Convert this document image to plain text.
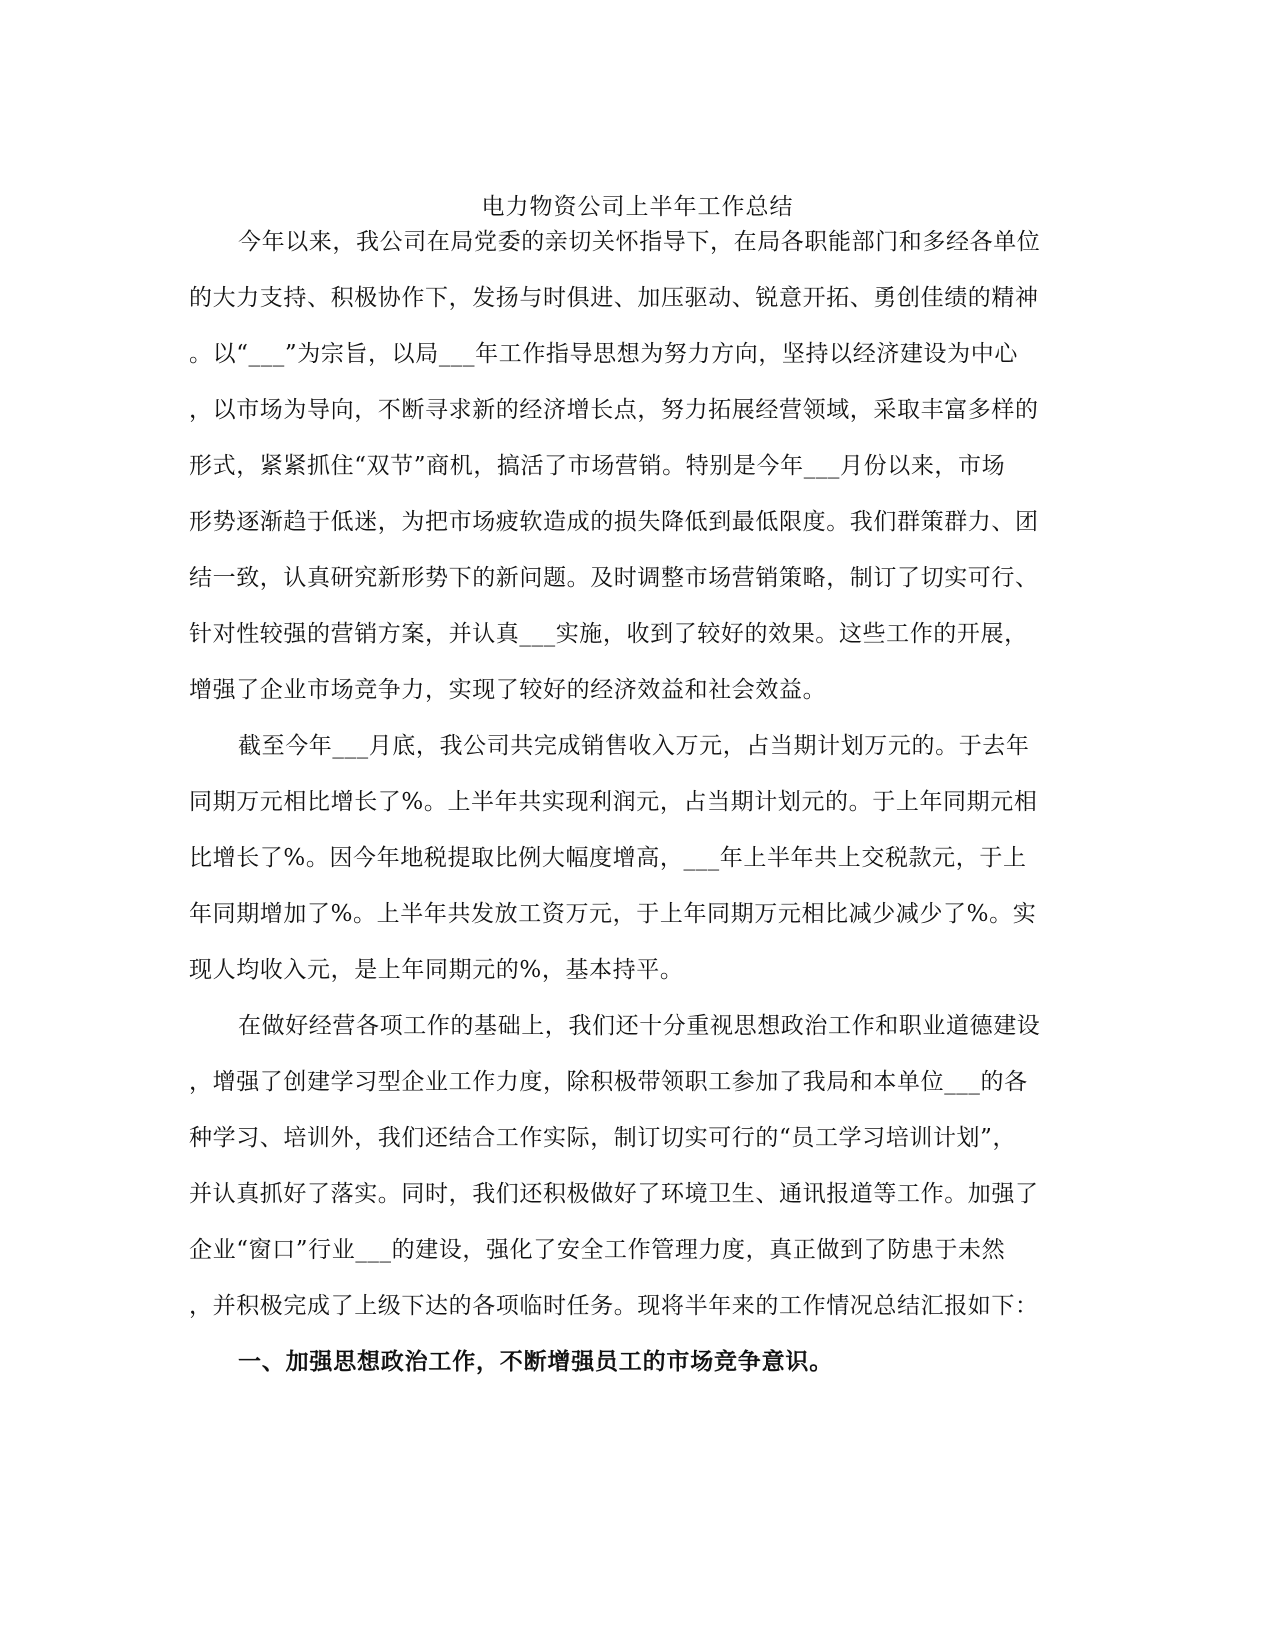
电力物资公司上半年工作总结
今年以来，我公司在局党委的亲切关怀指导下，在局各职能部门和多经各单位
的大力支持、积极协作下，发扬与时俱进、加压驱动、锐意开拓、勇创佳绩的精神
。以“___”为宗旨，以局___年工作指导思想为努力方向，坚持以经济建设为中心
，以市场为导向，不断寻求新的经济增长点，努力拓展经营领域，采取丰富多样的
形式，紧紧抓住“双节”商机，搞活了市场营销。特别是今年___月份以来，市场
形势逐渐趋于低迷，为把市场疲软造成的损失降低到最低限度。我们群策群力、团
结一致，认真研究新形势下的新问题。及时调整市场营销策略，制订了切实可行、
针对性较强的营销方案，并认真___实施，收到了较好的效果。这些工作的开展，
增强了企业市场竞争力，实现了较好的经济效益和社会效益。
截至今年___月底，我公司共完成销售收入万元，占当期计划万元的。于去年
同期万元相比增长了%。上半年共实现利润元，占当期计划元的。于上年同期元相
比增长了%。因今年地税提取比例大幅度增高，___年上半年共上交税款元，于上
年同期增加了%。上半年共发放工资万元，于上年同期万元相比减少减少了%。实
现人均收入元，是上年同期元的%，基本持平。
在做好经营各项工作的基础上，我们还十分重视思想政治工作和职业道德建设
，增强了创建学习型企业工作力度，除积极带领职工参加了我局和本单位___的各
种学习、培训外，我们还结合工作实际，制订切实可行的“员工学习培训计划”，
并认真抓好了落实。同时，我们还积极做好了环境卫生、通讯报道等工作。加强了
企业“窗口”行业___的建设，强化了安全工作管理力度，真正做到了防患于未然
，并积极完成了上级下达的各项临时任务。现将半年来的工作情况总结汇报如下：
一、加强思想政治工作，不断增强员工的市场竞争意识。
